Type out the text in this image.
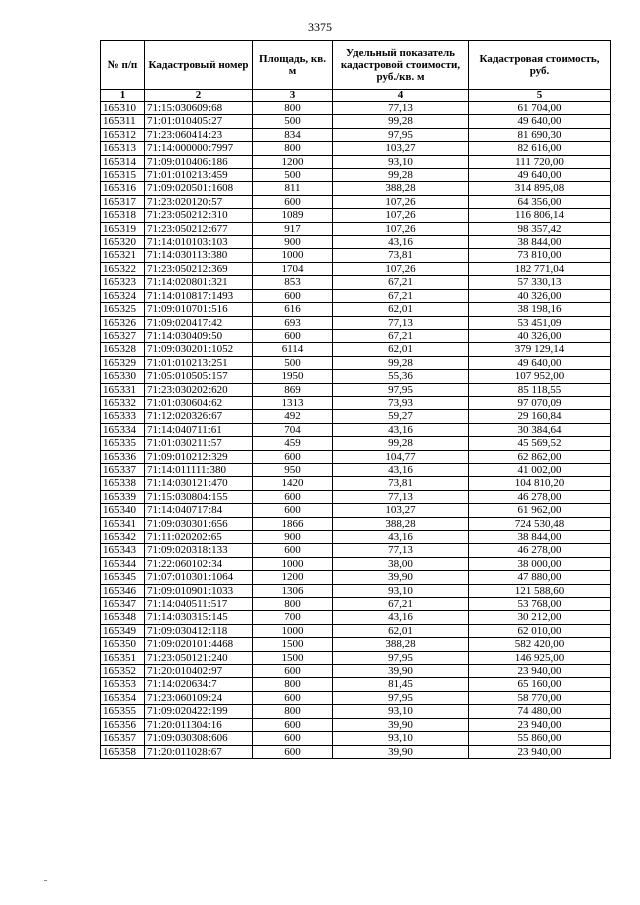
3375
№ п/п	Кадастровый номер	Площадь, кв. м	Удельный показатель кадастровой стоимости, руб./кв. м	Кадастровая стоимость, руб.
1	2	3	4	5
165310	71:15:030609:68	800	77,13	61 704,00
165311	71:01:010405:27	500	99,28	49 640,00
165312	71:23:060414:23	834	97,95	81 690,30
165313	71:14:000000:7997	800	103,27	82 616,00
165314	71:09:010406:186	1200	93,10	111 720,00
165315	71:01:010213:459	500	99,28	49 640,00
165316	71:09:020501:1608	811	388,28	314 895,08
165317	71:23:020120:57	600	107,26	64 356,00
165318	71:23:050212:310	1089	107,26	116 806,14
165319	71:23:050212:677	917	107,26	98 357,42
165320	71:14:010103:103	900	43,16	38 844,00
165321	71:14:030113:380	1000	73,81	73 810,00
165322	71:23:050212:369	1704	107,26	182 771,04
165323	71:14:020801:321	853	67,21	57 330,13
165324	71:14:010817:1493	600	67,21	40 326,00
165325	71:09:010701:516	616	62,01	38 198,16
165326	71:09:020417:42	693	77,13	53 451,09
165327	71:14:030409:50	600	67,21	40 326,00
165328	71:09:030201:1052	6114	62,01	379 129,14
165329	71:01:010213:251	500	99,28	49 640,00
165330	71:05:010505:157	1950	55,36	107 952,00
165331	71:23:030202:620	869	97,95	85 118,55
165332	71:01:030604:62	1313	73,93	97 070,09
165333	71:12:020326:67	492	59,27	29 160,84
165334	71:14:040711:61	704	43,16	30 384,64
165335	71:01:030211:57	459	99,28	45 569,52
165336	71:09:010212:329	600	104,77	62 862,00
165337	71:14:011111:380	950	43,16	41 002,00
165338	71:14:030121:470	1420	73,81	104 810,20
165339	71:15:030804:155	600	77,13	46 278,00
165340	71:14:040717:84	600	103,27	61 962,00
165341	71:09:030301:656	1866	388,28	724 530,48
165342	71:11:020202:65	900	43,16	38 844,00
165343	71:09:020318:133	600	77,13	46 278,00
165344	71:22:060102:34	1000	38,00	38 000,00
165345	71:07:010301:1064	1200	39,90	47 880,00
165346	71:09:010901:1033	1306	93,10	121 588,60
165347	71:14:040511:517	800	67,21	53 768,00
165348	71:14:030315:145	700	43,16	30 212,00
165349	71:09:030412:118	1000	62,01	62 010,00
165350	71:09:020101:4468	1500	388,28	582 420,00
165351	71:23:050121:240	1500	97,95	146 925,00
165352	71:20:010402:97	600	39,90	23 940,00
165353	71:14:020634:7	800	81,45	65 160,00
165354	71:23:060109:24	600	97,95	58 770,00
165355	71:09:020422:199	800	93,10	74 480,00
165356	71:20:011304:16	600	39,90	23 940,00
165357	71:09:030308:606	600	93,10	55 860,00
165358	71:20:011028:67	600	39,90	23 940,00
